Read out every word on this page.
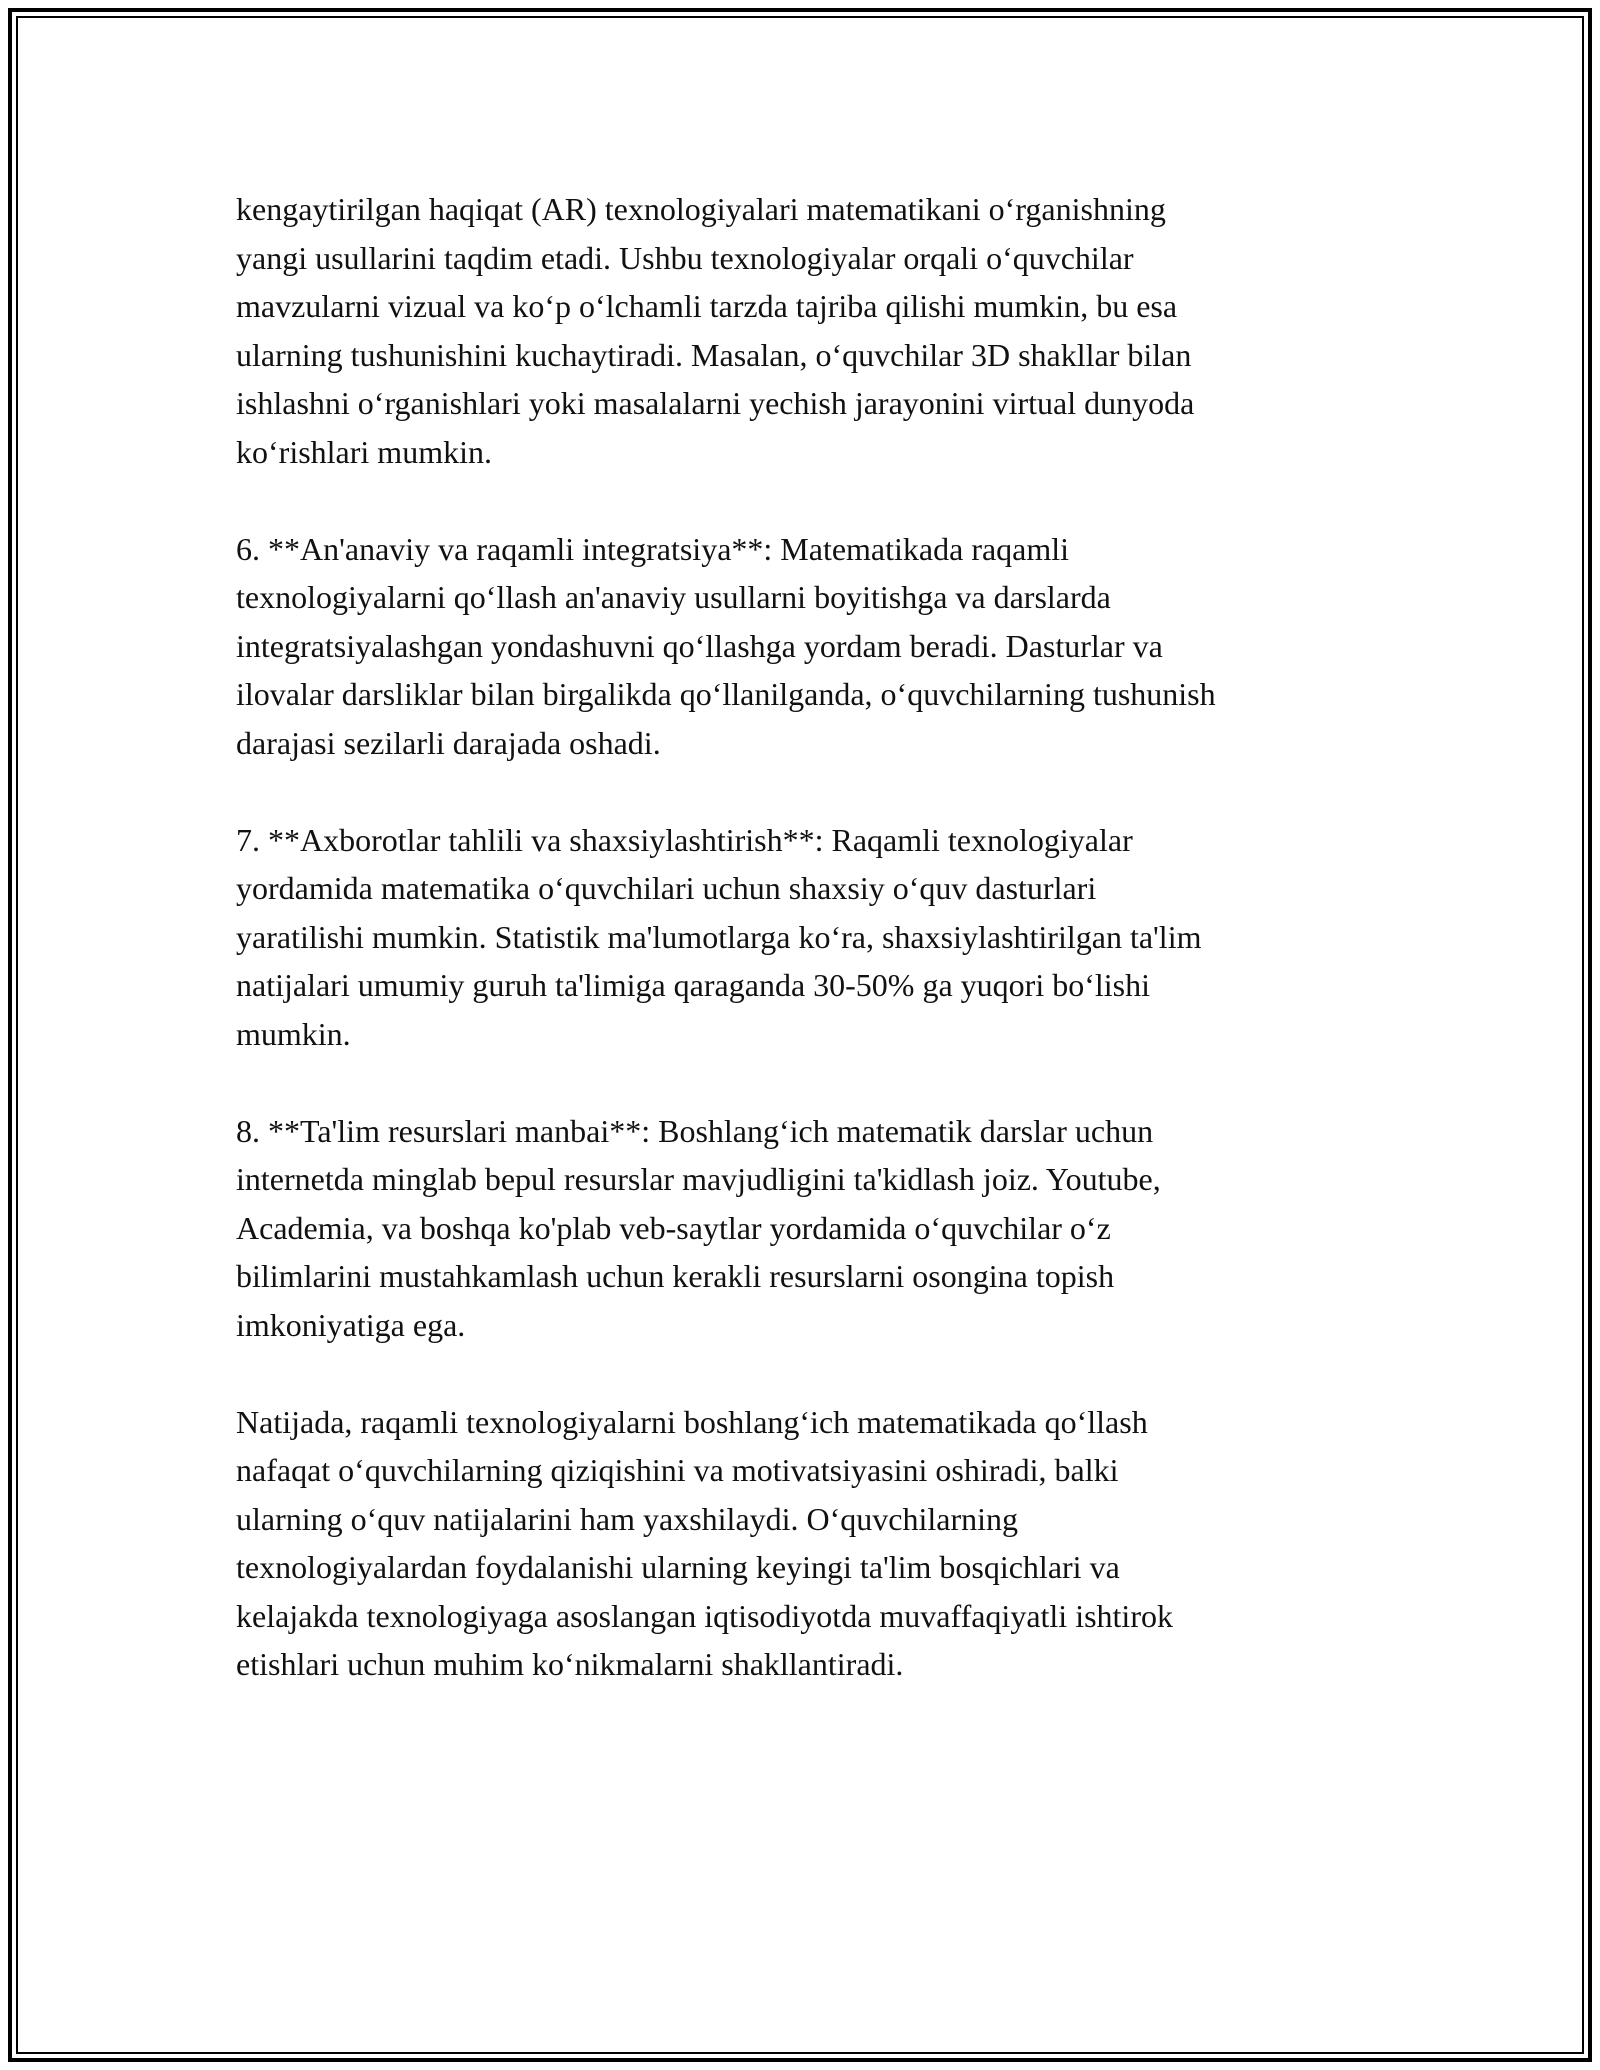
kengaytirilgan haqiqat (AR) texnologiyalari matematikani o‘rganishning
yangi usullarini taqdim etadi. Ushbu texnologiyalar orqali o‘quvchilar
mavzularni vizual va ko‘p o‘lchamli tarzda tajriba qilishi mumkin, bu esa
ularning tushunishini kuchaytiradi. Masalan, o‘quvchilar 3D shakllar bilan
ishlashni o‘rganishlari yoki masalalarni yechish jarayonini virtual dunyoda
ko‘rishlari mumkin.

6. **An'anaviy va raqamli integratsiya**: Matematikada raqamli
texnologiyalarni qo‘llash an'anaviy usullarni boyitishga va darslarda
integratsiyalashgan yondashuvni qo‘llashga yordam beradi. Dasturlar va
ilovalar darsliklar bilan birgalikda qo‘llanilganda, o‘quvchilarning tushunish
darajasi sezilarli darajada oshadi.

7. **Axborotlar tahlili va shaxsiylashtirish**: Raqamli texnologiyalar
yordamida matematika o‘quvchilari uchun shaxsiy o‘quv dasturlari
yaratilishi mumkin. Statistik ma'lumotlarga ko‘ra, shaxsiylashtirilgan ta'lim
natijalari umumiy guruh ta'limiga qaraganda 30-50% ga yuqori bo‘lishi
mumkin.

8. **Ta'lim resurslari manbai**: Boshlang‘ich matematik darslar uchun
internetda minglab bepul resurslar mavjudligini ta'kidlash joiz. Youtube,
Academia, va boshqa ko'plab veb-saytlar yordamida o‘quvchilar o‘z
bilimlarini mustahkamlash uchun kerakli resurslarni osongina topish
imkoniyatiga ega.

Natijada, raqamli texnologiyalarni boshlang‘ich matematikada qo‘llash
nafaqat o‘quvchilarning qiziqishini va motivatsiyasini oshiradi, balki
ularning o‘quv natijalarini ham yaxshilaydi. O‘quvchilarning
texnologiyalardan foydalanishi ularning keyingi ta'lim bosqichlari va
kelajakda texnologiyaga asoslangan iqtisodiyotda muvaffaqiyatli ishtirok
etishlari uchun muhim ko‘nikmalarni shakllantiradi.
